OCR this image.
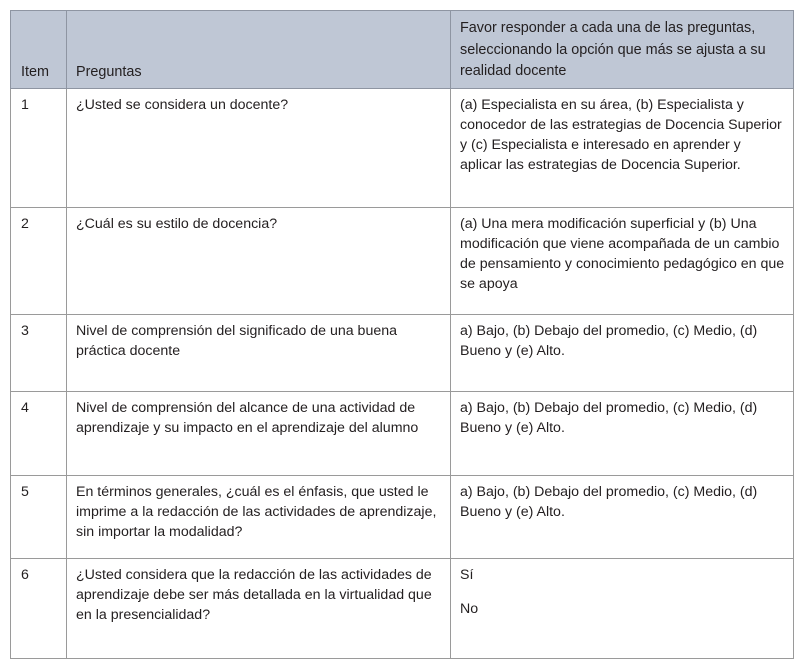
Item	Preguntas	Favor responder a cada una de las preguntas, seleccionando la opción que más se ajusta a su realidad docente
1	¿Usted se considera un docente?	(a) Especialista en su área, (b) Especialista y conocedor de las estrategias de Docencia Superior y (c) Especialista e interesado en aprender y aplicar las estrategias de Docencia Superior.
2	¿Cuál es su estilo de docencia?	(a) Una mera modificación superficial y (b) Una modificación que viene acompañada de un cambio de pensamiento y conocimiento pedagógico en que se apoya
3	Nivel de comprensión del significado de una buena práctica docente	a) Bajo, (b) Debajo del promedio, (c) Medio, (d) Bueno y (e) Alto.
4	Nivel de comprensión del alcance de una actividad de aprendizaje y su impacto en el aprendizaje del alumno	a) Bajo, (b) Debajo del promedio, (c) Medio, (d) Bueno y (e) Alto.
5	En términos generales, ¿cuál es el énfasis, que usted le imprime a la redacción de las actividades de aprendizaje, sin importar la modalidad?	a) Bajo, (b) Debajo del promedio, (c) Medio, (d) Bueno y (e) Alto.
6	¿Usted considera que la redacción de las actividades de aprendizaje debe ser más detallada en la virtualidad que en la presencialidad?	Sí
No
